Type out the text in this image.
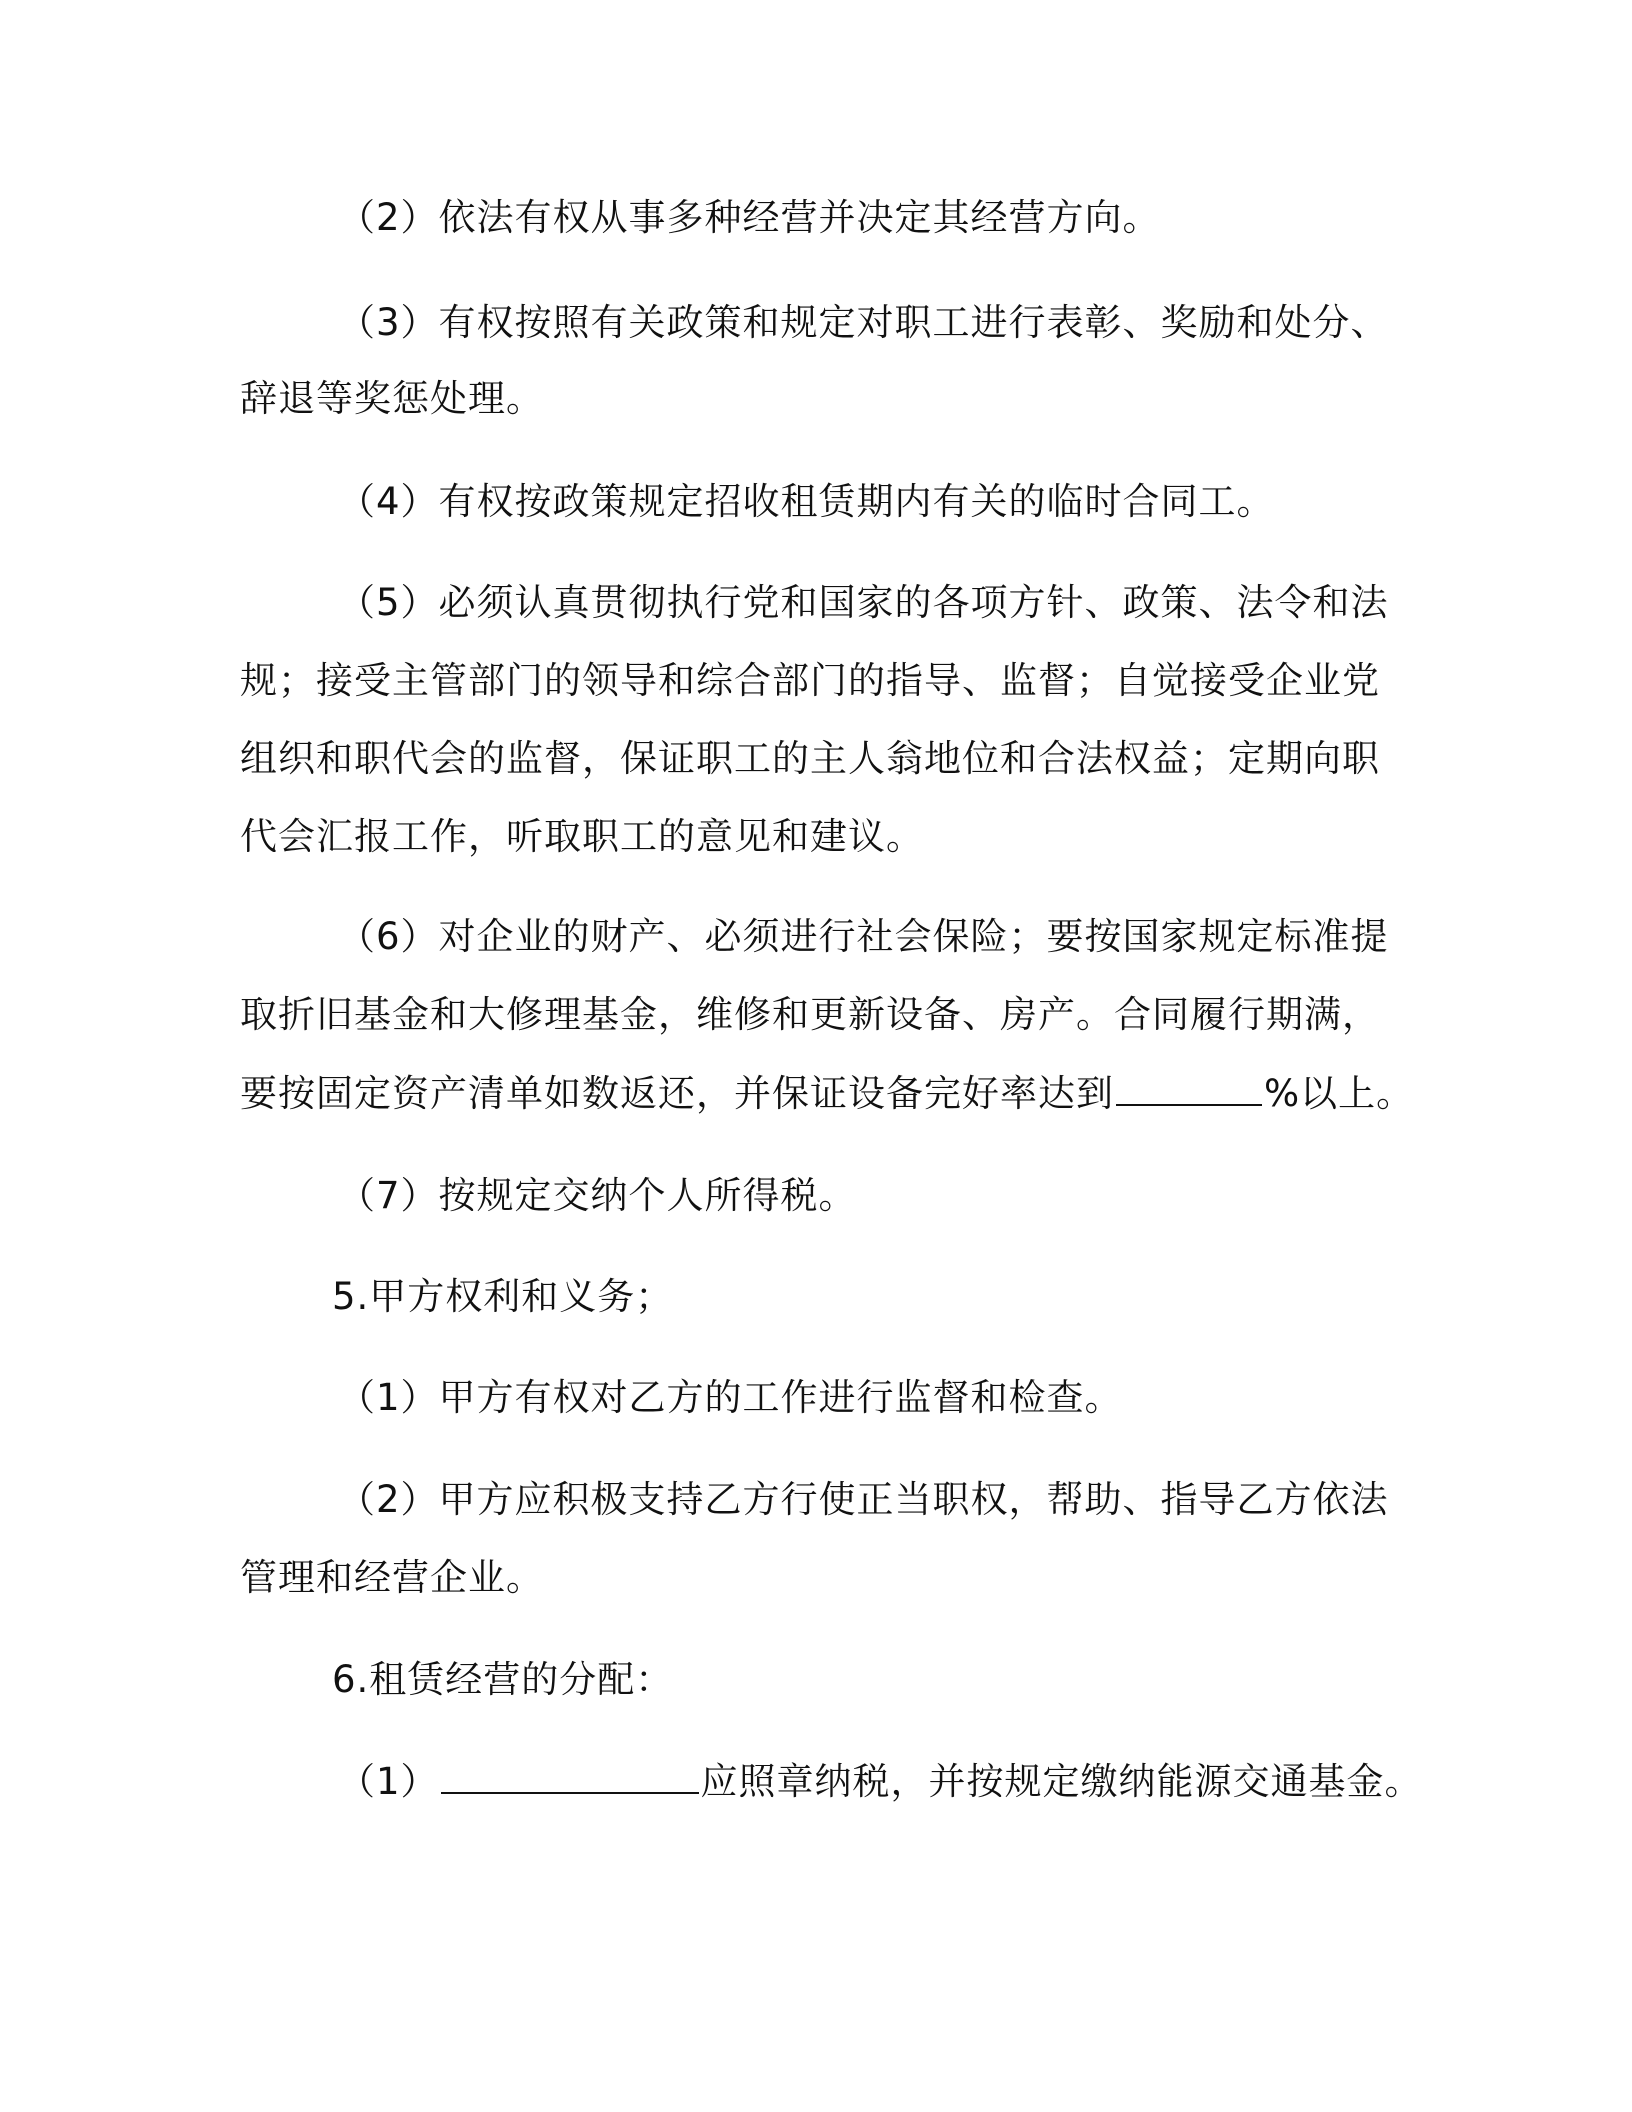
（2）依法有权从事多种经营并决定其经营方向。
（3）有权按照有关政策和规定对职工进行表彰、奖励和处分、
辞退等奖惩处理。
（4）有权按政策规定招收租赁期内有关的临时合同工。
（5）必须认真贯彻执行党和国家的各项方针、政策、法令和法
规；接受主管部门的领导和综合部门的指导、监督；自觉接受企业党
组织和职代会的监督，保证职工的主人翁地位和合法权益；定期向职
代会汇报工作，听取职工的意见和建议。
（6）对企业的财产、必须进行社会保险；要按国家规定标准提
取折旧基金和大修理基金，维修和更新设备、房产。合同履行期满，
要按固定资产清单如数返还，并保证设备完好率达到	%以上。
（7）按规定交纳个人所得税。
5.甲方权利和义务；
（1）甲方有权对乙方的工作进行监督和检查。
（2）甲方应积极支持乙方行使正当职权，帮助、指导乙方依法
管理和经营企业。
6.租赁经营的分配：
（1）	应照章纳税，并按规定缴纳能源交通基金。
